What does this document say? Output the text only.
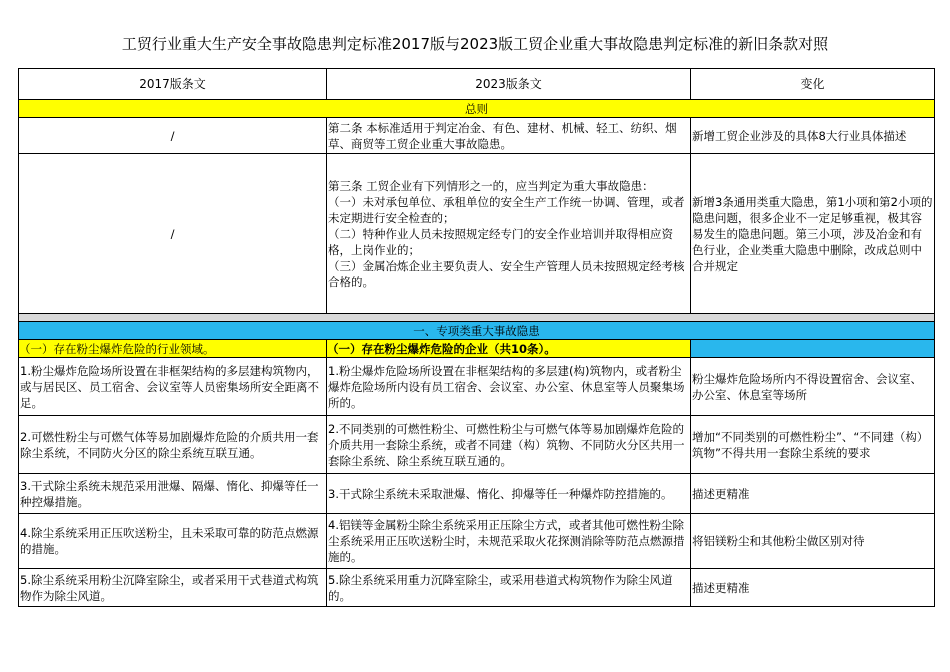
工贸行业重大生产安全事故隐患判定标准2017版与2023版工贸企业重大事故隐患判定标准的新旧条款对照
2017版条文	2023版条文	变化
总则		
/	第二条 本标准适用于判定冶金、有色、建材、机械、轻工、纺织、烟草、商贸等工贸企业重大事故隐患。	新增工贸企业涉及的具体8大行业具体描述
/	第三条 工贸企业有下列情形之一的，应当判定为重大事故隐患：
（一）未对承包单位、承租单位的安全生产工作统一协调、管理，或者未定期进行安全检查的；
（二）特种作业人员未按照规定经专门的安全作业培训并取得相应资格，上岗作业的；
（三）金属冶炼企业主要负责人、安全生产管理人员未按照规定经考核合格的。	新增3条通用类重大隐患，第1小项和第2小项的隐患问题，很多企业不一定足够重视，极其容易发生的隐患问题。第三小项，涉及冶金和有色行业，企业类重大隐患中删除，改成总则中合并规定

一、专项类重大事故隐患		
（一）存在粉尘爆炸危险的行业领域。	（一）存在粉尘爆炸危险的企业（共10条）。	
1.粉尘爆炸危险场所设置在非框架结构的多层建构筑物内，或与居民区、员工宿舍、会议室等人员密集场所安全距离不足。	1.粉尘爆炸危险场所设置在非框架结构的多层建(构)筑物内，或者粉尘爆炸危险场所内设有员工宿舍、会议室、办公室、休息室等人员聚集场所的。	粉尘爆炸危险场所内不得设置宿舍、会议室、办公室、休息室等场所
2.可燃性粉尘与可燃气体等易加剧爆炸危险的介质共用一套除尘系统，不同防火分区的除尘系统互联互通。	2.不同类别的可燃性粉尘、可燃性粉尘与可燃气体等易加剧爆炸危险的介质共用一套除尘系统，或者不同建（构）筑物、不同防火分区共用一套除尘系统、除尘系统互联互通的。	增加“不同类别的可燃性粉尘”、“不同建（构）筑物”不得共用一套除尘系统的要求
3.干式除尘系统未规范采用泄爆、隔爆、惰化、抑爆等任一种控爆措施。	3.干式除尘系统未采取泄爆、惰化、抑爆等任一种爆炸防控措施的。	描述更精准
4.除尘系统采用正压吹送粉尘，且未采取可靠的防范点燃源的措施。	4.铝镁等金属粉尘除尘系统采用正压除尘方式，或者其他可燃性粉尘除尘系统采用正压吹送粉尘时，未规范采取火花探测消除等防范点燃源措施的。	将铝镁粉尘和其他粉尘做区别对待
5.除尘系统采用粉尘沉降室除尘，或者采用干式巷道式构筑物作为除尘风道。	5.除尘系统采用重力沉降室除尘，或采用巷道式构筑物作为除尘风道的。	描述更精准
